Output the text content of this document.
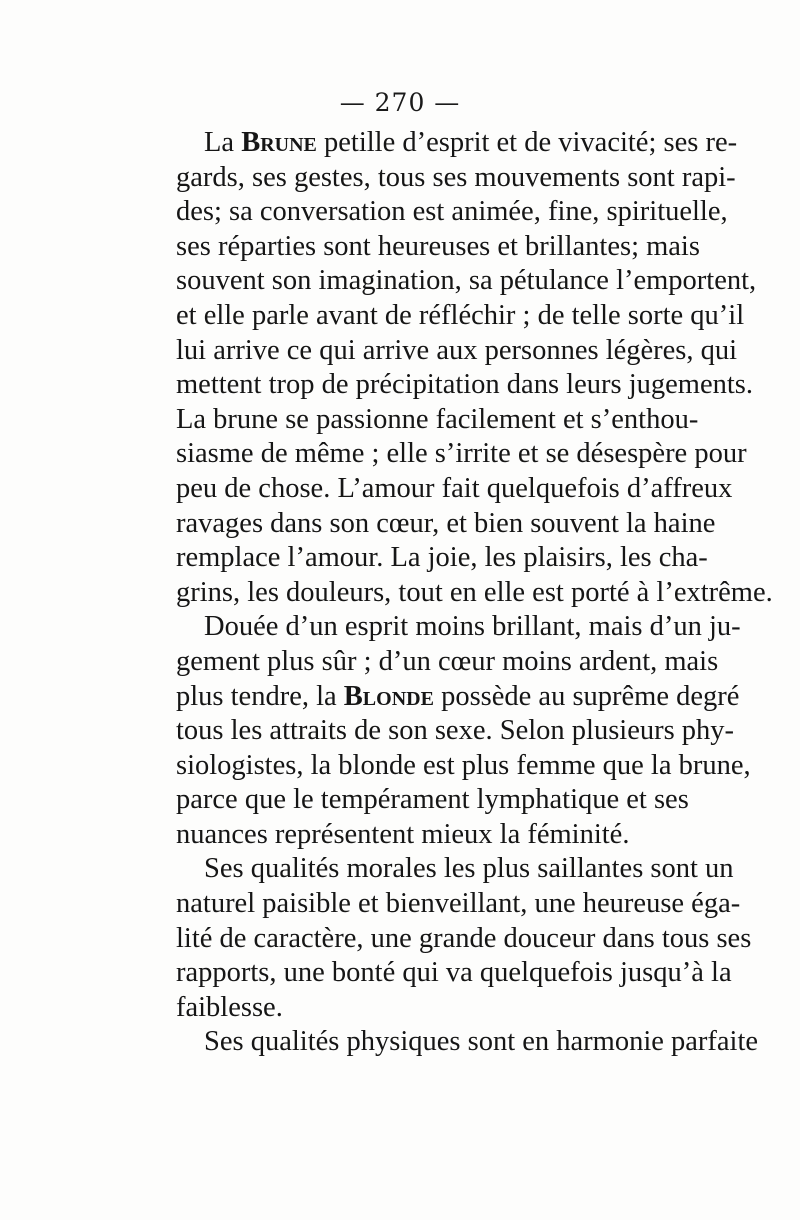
— 270 —
La Brune petille d’esprit et de vivacité; ses re-
gards, ses gestes, tous ses mouvements sont rapi-
des; sa conversation est animée, fine, spirituelle,
ses réparties sont heureuses et brillantes; mais
souvent son imagination, sa pétulance l’emportent,
et elle parle avant de réfléchir ; de telle sorte qu’il
lui arrive ce qui arrive aux personnes légères, qui
mettent trop de précipitation dans leurs jugements.
La brune se passionne facilement et s’enthou-
siasme de même ; elle s’irrite et se désespère pour
peu de chose. L’amour fait quelquefois d’affreux
ravages dans son cœur, et bien souvent la haine
remplace l’amour. La joie, les plaisirs, les cha-
grins, les douleurs, tout en elle est porté à l’extrême.
Douée d’un esprit moins brillant, mais d’un ju-
gement plus sûr ; d’un cœur moins ardent, mais
plus tendre, la Blonde possède au suprême degré
tous les attraits de son sexe. Selon plusieurs phy-
siologistes, la blonde est plus femme que la brune,
parce que le tempérament lymphatique et ses
nuances représentent mieux la féminité.
Ses qualités morales les plus saillantes sont un
naturel paisible et bienveillant, une heureuse éga-
lité de caractère, une grande douceur dans tous ses
rapports, une bonté qui va quelquefois jusqu’à la
faiblesse.
Ses qualités physiques sont en harmonie parfaite
